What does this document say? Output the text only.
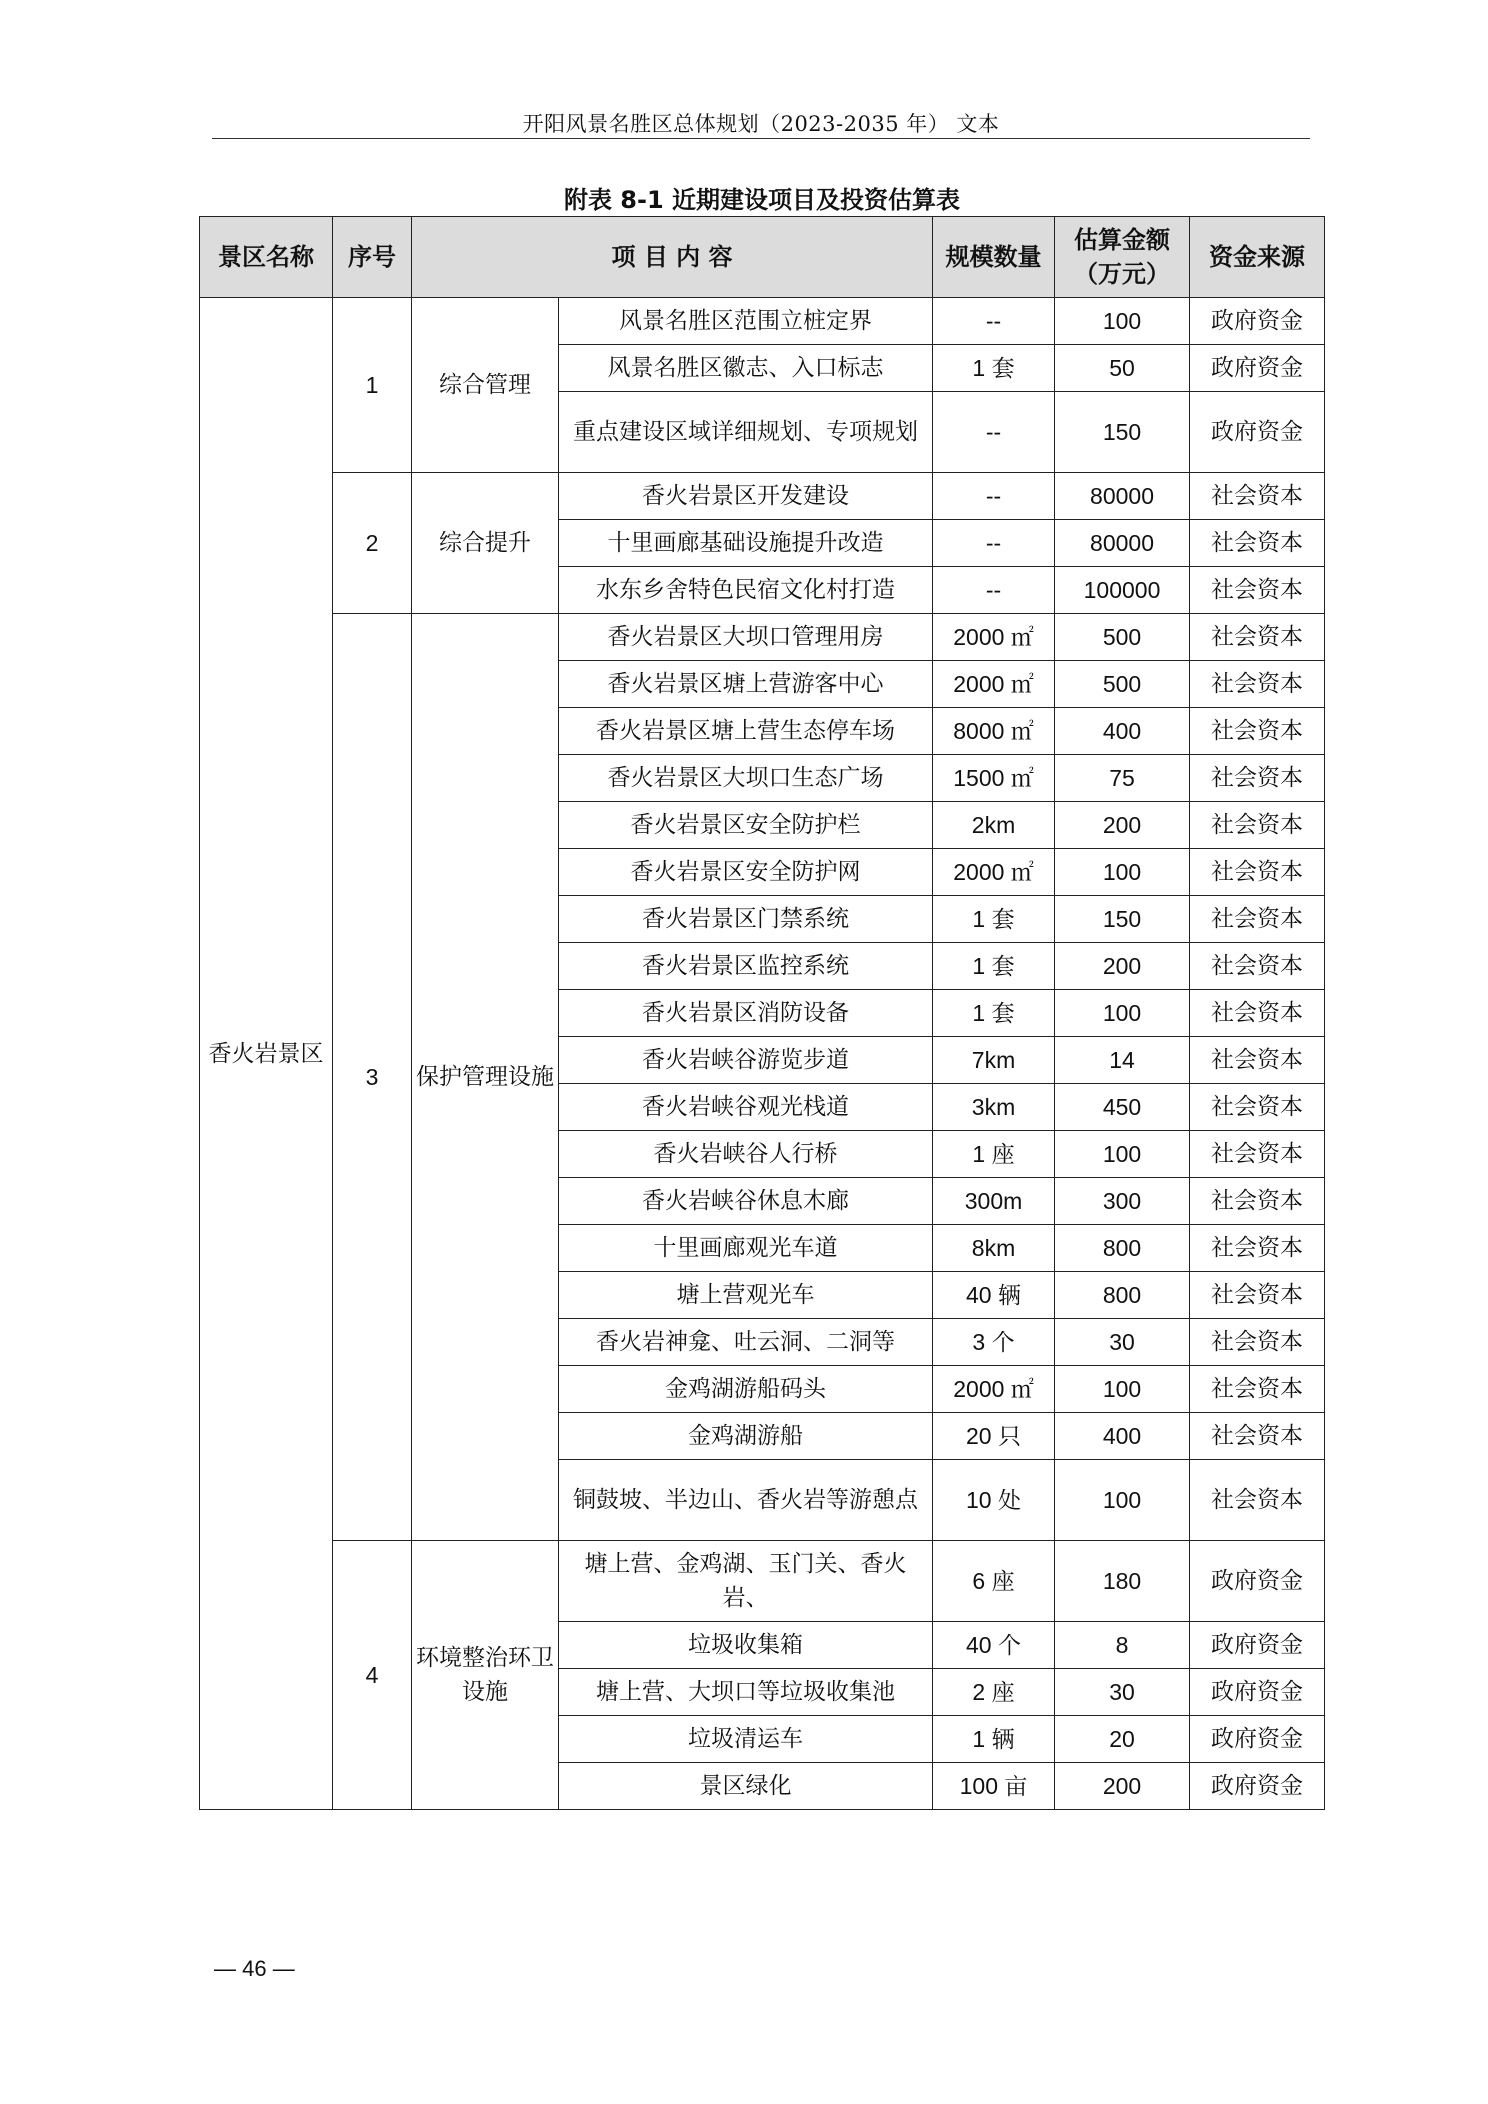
开阳风景名胜区总体规划（2023-2035 年） 文本
附表 8-1 近期建设项目及投资估算表
景区名称	序号	项 目 内 容		规模数量	估算金额（万元）	资金来源
香火岩景区	1	综合管理	风景名胜区范围立桩定界	--	100	政府资金
			风景名胜区徽志、入口标志	1 套	50	政府资金
			重点建设区域详细规划、专项规划	--	150	政府资金
	2	综合提升	香火岩景区开发建设	--	80000	社会资本
			十里画廊基础设施提升改造	--	80000	社会资本
			水东乡舍特色民宿文化村打造	--	100000	社会资本
	3	保护管理设施	香火岩景区大坝口管理用房	2000 ㎡	500	社会资本
			香火岩景区塘上营游客中心	2000 ㎡	500	社会资本
			香火岩景区塘上营生态停车场	8000 ㎡	400	社会资本
			香火岩景区大坝口生态广场	1500 ㎡	75	社会资本
			香火岩景区安全防护栏	2km	200	社会资本
			香火岩景区安全防护网	2000 ㎡	100	社会资本
			香火岩景区门禁系统	1 套	150	社会资本
			香火岩景区监控系统	1 套	200	社会资本
			香火岩景区消防设备	1 套	100	社会资本
			香火岩峡谷游览步道	7km	14	社会资本
			香火岩峡谷观光栈道	3km	450	社会资本
			香火岩峡谷人行桥	1 座	100	社会资本
			香火岩峡谷休息木廊	300m	300	社会资本
			十里画廊观光车道	8km	800	社会资本
			塘上营观光车	40 辆	800	社会资本
			香火岩神龛、吐云洞、二洞等	3 个	30	社会资本
			金鸡湖游船码头	2000 ㎡	100	社会资本
			金鸡湖游船	20 只	400	社会资本
			铜鼓坡、半边山、香火岩等游憩点	10 处	100	社会资本
	4	环境整治环卫设施	塘上营、金鸡湖、玉门关、香火岩、	6 座	180	政府资金
			垃圾收集箱	40 个	8	政府资金
			塘上营、大坝口等垃圾收集池	2 座	30	政府资金
			垃圾清运车	1 辆	20	政府资金
			景区绿化	100 亩	200	政府资金
— 46 —
